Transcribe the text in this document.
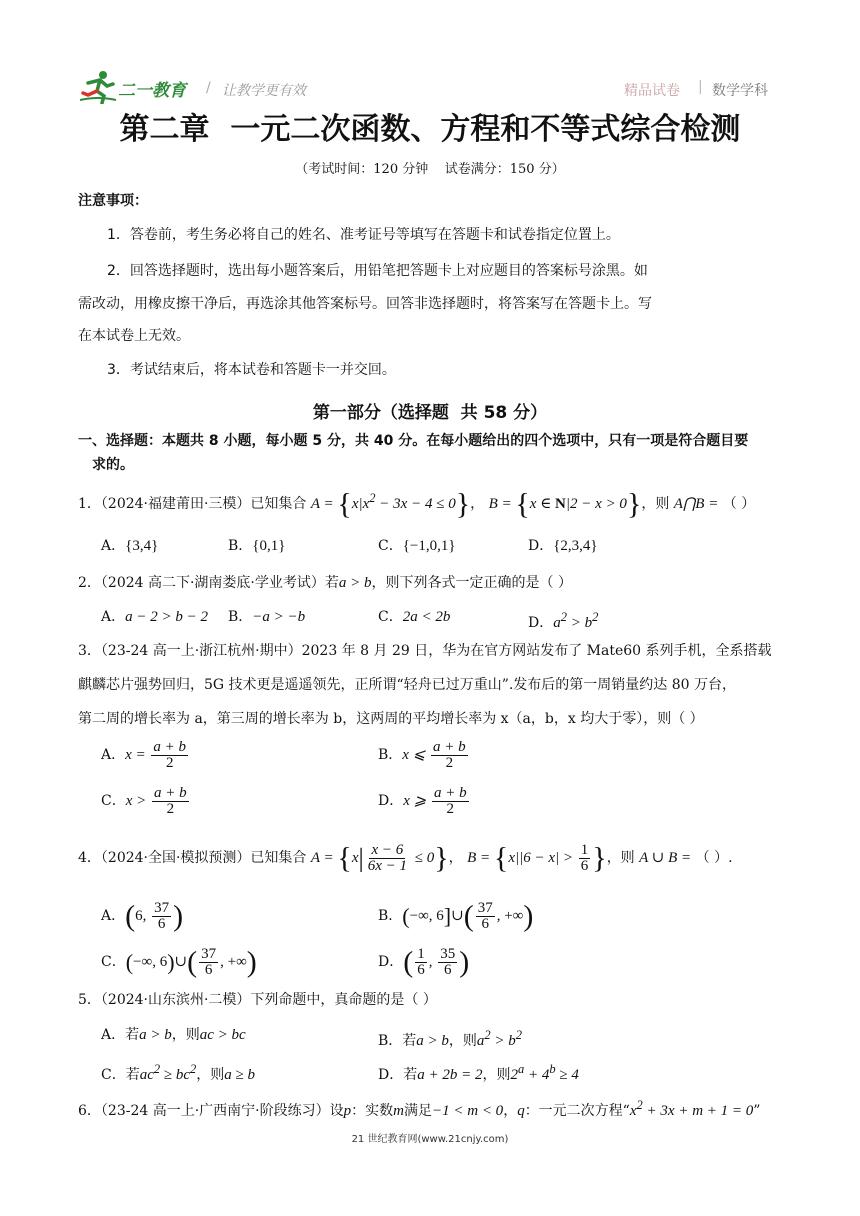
二一教育 / 让教学更有效	精品试卷 | 数学学科
第二章  一元二次函数、方程和不等式综合检测
（考试时间：120 分钟    试卷满分：150 分）
注意事项：
1．答卷前，考生务必将自己的姓名、准考证号等填写在答题卡和试卷指定位置上。
2．回答选择题时，选出每小题答案后，用铅笔把答题卡上对应题目的答案标号涂黑。如
需改动，用橡皮擦干净后，再选涂其他答案标号。回答非选择题时，将答案写在答题卡上。写
在本试卷上无效。
3．考试结束后，将本试卷和答题卡一并交回。
第一部分（选择题  共 58 分）
一、选择题：本题共 8 小题，每小题 5 分，共 40 分。在每小题给出的四个选项中，只有一项是符合题目要
求的。
1．（2024·福建莆田·三模）已知集合 $A = \{x|x^2 - 3x - 4 \le 0\}$， B = {x ∈ N|2 − x > 0}，则 A⋂B = （ ）
A．{3,4}	B．{0,1}	C．{−1,0,1}	D．{2,3,4}
2．（2024 高二下·湖南娄底·学业考试）若a > b，则下列各式一定正确的是（ ）
A．a − 2 > b − 2 B．−a > −b	C．2a < 2b	D．$a^2 > b^2$
3．（23-24 高一上·浙江杭州·期中）2023 年 8 月 29 日，华为在官方网站发布了 Mate60 系列手机，全系搭载
麒麟芯片强势回归，5G 技术更是遥遥领先，正所谓“轻舟已过万重山”.发布后的第一周销量约达 80 万台，
第二周的增长率为 a，第三周的增长率为 b，这两周的平均增长率为 x（a，b，x 均大于零），则（ ）
A．$x = \frac{a + b}{2}$	B．x ⩽ $\frac{a + b}{2}$
C．$x > \frac{a + b}{2}$	D．x ⩾ $\frac{a + b}{2}$
4．（2024·全国·模拟预测）已知集合 $A = \{x| \frac{x - 6}{6x - 1} \le 0\}$， $B = \{x||6 - x| > \frac{1}{6}$ }，则 A ∪ B = （ ）.
A．(6, $\frac{37}{6}$ )	B．(−∞, 6]∪( $\frac{37}{6}$ , +∞)
C．(−∞, 6)∪( $\frac{37}{6}$ , +∞)	D．( $\frac{1}{6}$ , $\frac{35}{6}$ )
5．（2024·山东滨州·二模）下列命题中，真命题的是（ ）
A．若a > b，则ac > bc	B．若a > b，则$a^2 > b^2$
C．若$ac^2 \ge bc^2$，则a ≥ b	D．若a + 2b = 2，则$2^a + 4^b \ge 4$
6．（23-24 高一上·广西南宁·阶段练习）设p：实数m满足−1 < m < 0，q：一元二次方程“$x^2 + 3x + m + 1 = 0$”
21 世纪教育网(www.21cnjy.com)
